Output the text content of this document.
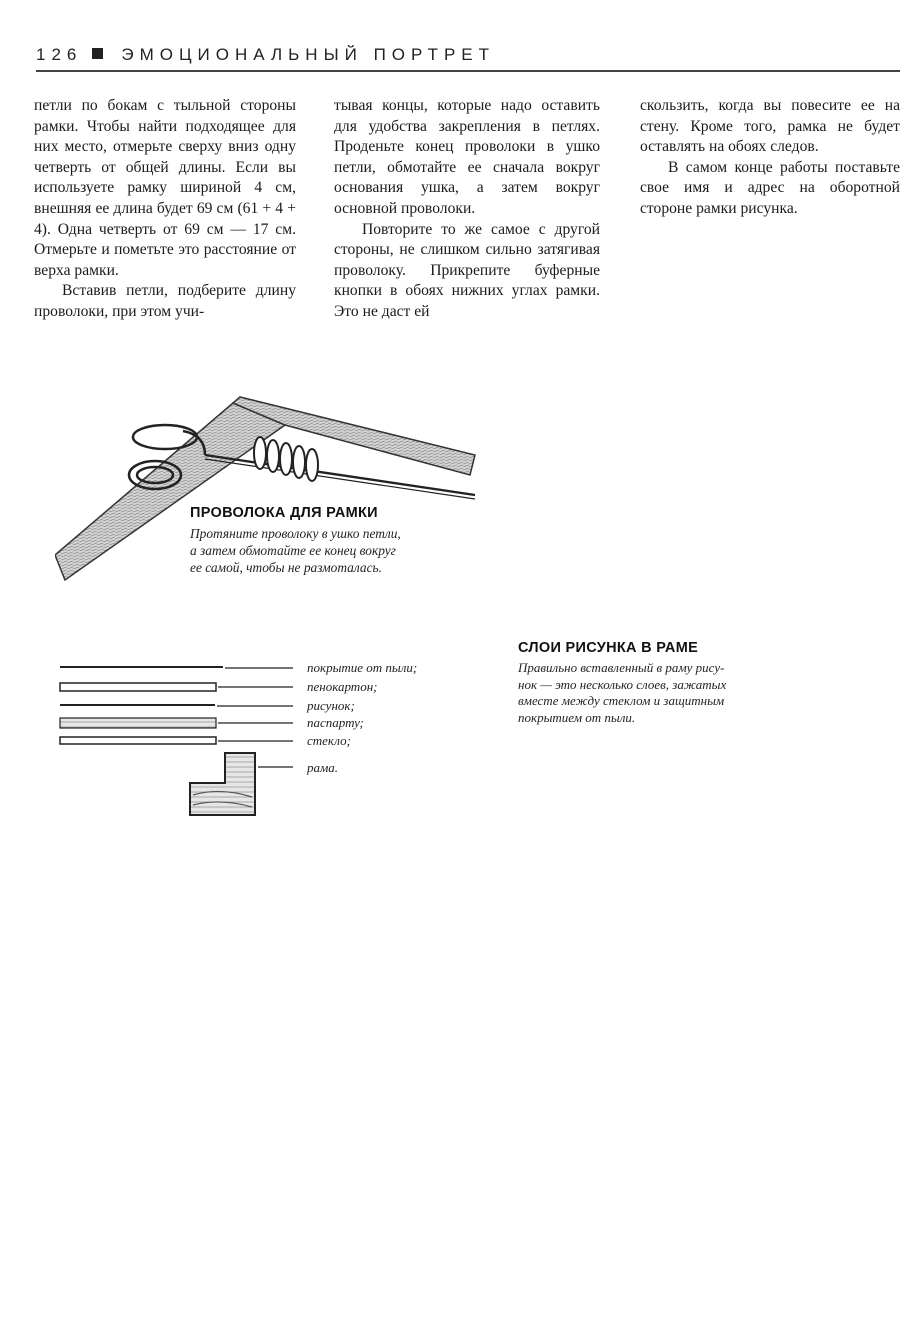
126 ЭМОЦИОНАЛЬНЫЙ ПОРТРЕТ

петли по бокам с тыльной стороны рамки. Чтобы найти подходящее для них место, отмерьте сверху вниз одну четверть от общей длины. Если вы используете рамку шириной 4 см, внешняя ее длина будет 69 см (61 + 4 + 4). Одна четверть от 69 см — 17 см. Отмерьте и пометьте это расстояние от верха рамки.

Вставив петли, подберите длину проволоки, при этом учи-

тывая концы, которые надо оставить для удобства закрепления в петлях. Проденьте конец проволоки в ушко петли, обмотайте ее сначала вокруг основания ушка, а затем вокруг основной проволоки.

Повторите то же самое с другой стороны, не слишком сильно затягивая проволоку. Прикрепите буферные кнопки в обоях нижних углах рамки. Это не даст ей

скользить, когда вы повесите ее на стену. Кроме того, рамка не будет оставлять на обоях следов.

В самом конце работы поставьте свое имя и адрес на оборотной стороне рамки рисунка.

ПРОВОЛОКА ДЛЯ РАМКИ
Протяните проволоку в ушко петли,
а затем обмотайте ее конец вокруг
ее самой, чтобы не размоталась.
покрытие от пыли;
пенокартон;
рисунок;
паспарту;
стекло;
рама.
СЛОИ РИСУНКА В РАМЕ
Правильно вставленный в раму рису-
нок — это несколько слоев, зажатых
вместе между стеклом и защитным
покрытием от пыли.
